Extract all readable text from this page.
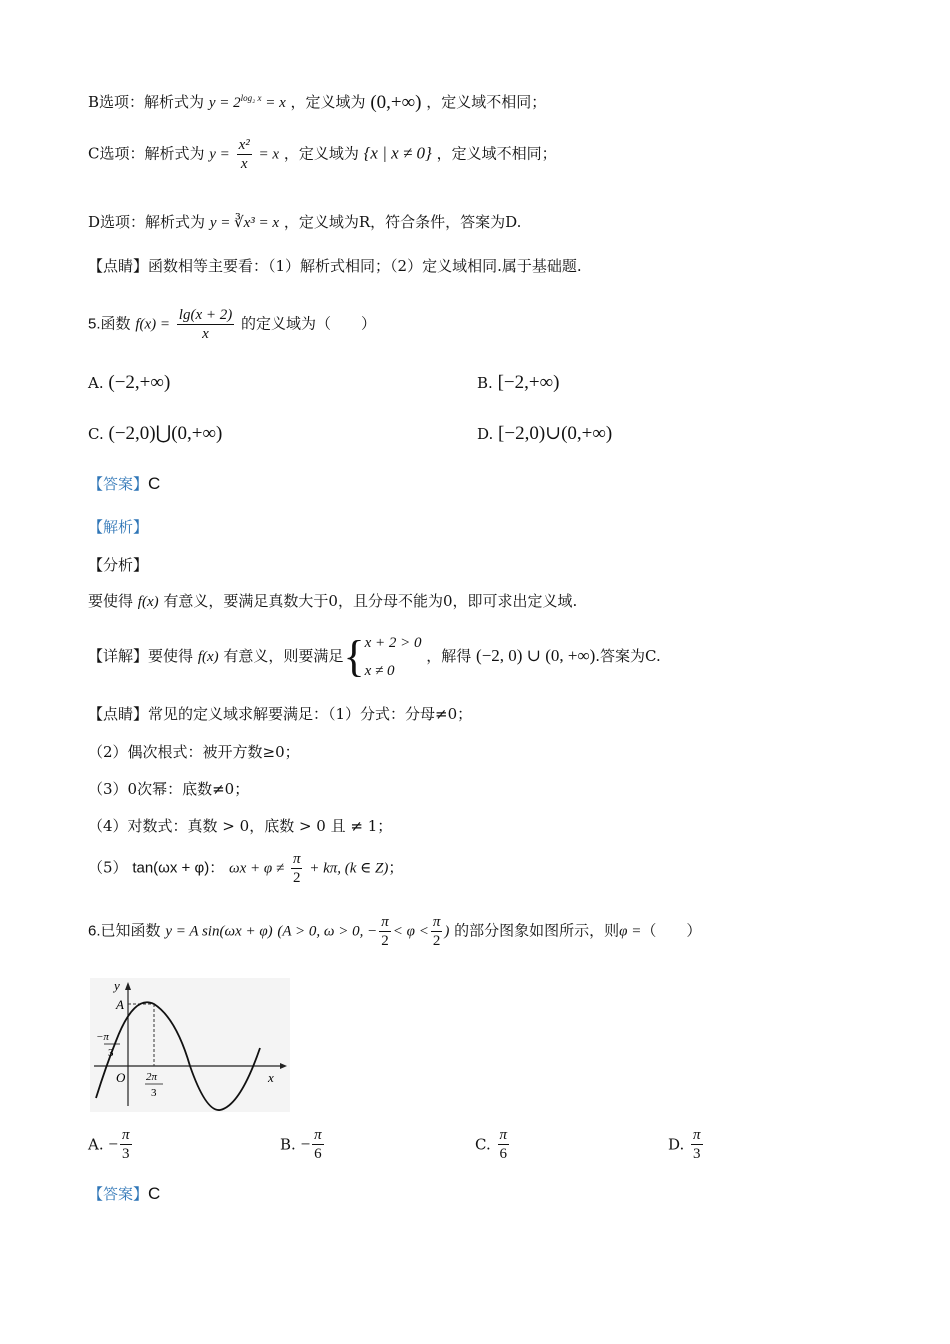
B选项：解析式为 $y = 2^{log_2 x} = x$ ，定义域为 (0,+∞) ，定义域不相同；
C选项：解析式为 $y = \frac{\text{x²}}{x} = x$ ，定义域为 {x | x ≠ 0} ，定义域不相同；
D选项：解析式为 y = ∛x³ = x ，定义域为R，符合条件，答案为D.
【点睛】函数相等主要看：（1）解析式相同；（2）定义域相同.属于基础题.
5.函数 $f(x) = \frac{\lg(x + 2)}{x}$ 的定义域为（　　）
A. (−2,+∞)	B. [−2,+∞)
C. (−2,0)⋃(0,+∞)	D. [−2,0)∪(0,+∞)
【答案】C
【解析】
【分析】
要使得 f(x) 有意义，要满足真数大于0，且分母不能为0，即可求出定义域.
【详解】要使得 f(x) 有意义，则要满足{ x + 2 > 0
x ≠ 0
，解得 (−2, 0) ∪ (0, +∞).答案为C.
【点睛】常见的定义域求解要满足：（1）分式：分母≠0；
（2）偶次根式：被开方数≥0；
（3）0次幂：底数≠0；
（4）对数式：真数 > 0，底数 > 0 且 ≠ 1；
（5） tan(ωx + φ)： $\omega x + \varphi \ne \frac{\pi}{2} + k\pi$, (k ∈ Z)；
6.已知函数 y = A sin(ωx + φ) (A > 0, ω > 0, − $\frac{\pi}{2} < \varphi < \frac{\pi}{2}$ ) 的部分图象如图所示，则φ =（　　）
y
x
A
O
−π
3
2π
3
A. − $\frac{\pi}{3}$	B. − $\frac{\pi}{6}$	C. $\frac{\pi}{6}$	D. $\frac{\pi}{3}$
【答案】C
